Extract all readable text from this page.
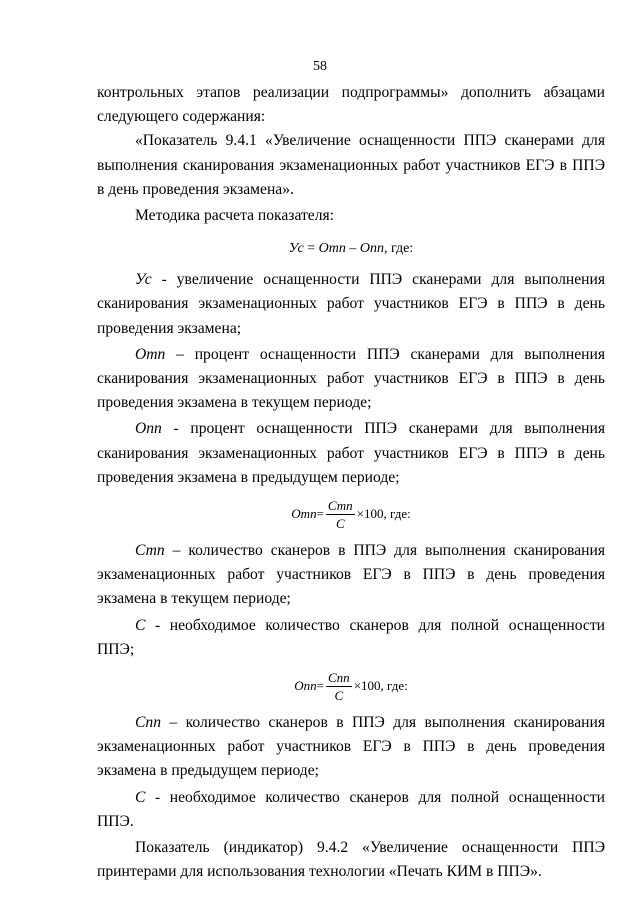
58

контрольных этапов реализации подпрограммы» дополнить абзацами

следующего содержания:

«Показатель 9.4.1 «Увеличение оснащенности ППЭ сканерами для выполнения сканирования экзаменационных работ участников ЕГЭ в ППЭ в день проведения экзамена».

Методика расчета показателя:

Ус = Отп – Опп, где:

Ус - увеличение оснащенности ППЭ сканерами для выполнения сканирования экзаменационных работ участников ЕГЭ в ППЭ в день проведения экзамена;

Отп – процент оснащенности ППЭ сканерами для выполнения сканирования экзаменационных работ участников ЕГЭ в ППЭ в день проведения экзамена в текущем периоде;

Опп - процент оснащенности ППЭ сканерами для выполнения сканирования экзаменационных работ участников ЕГЭ в ППЭ в день проведения экзамена в предыдущем периоде;

Отп = $\frac{\text{Стп}}{С} \times 100$ , где:

Стп – количество сканеров в ППЭ для выполнения сканирования экзаменационных работ участников ЕГЭ в ППЭ в день проведения экзамена в текущем периоде;

С - необходимое количество сканеров для полной оснащенности ППЭ;

Опп = $\frac{\text{Спп}}{С} \times 100$ , где:

Спп – количество сканеров в ППЭ для выполнения сканирования экзаменационных работ участников ЕГЭ в ППЭ в день проведения экзамена в предыдущем периоде;

С - необходимое количество сканеров для полной оснащенности ППЭ.

Показатель (индикатор) 9.4.2 «Увеличение оснащенности ППЭ

принтерами для использования технологии «Печать КИМ в ППЭ».
